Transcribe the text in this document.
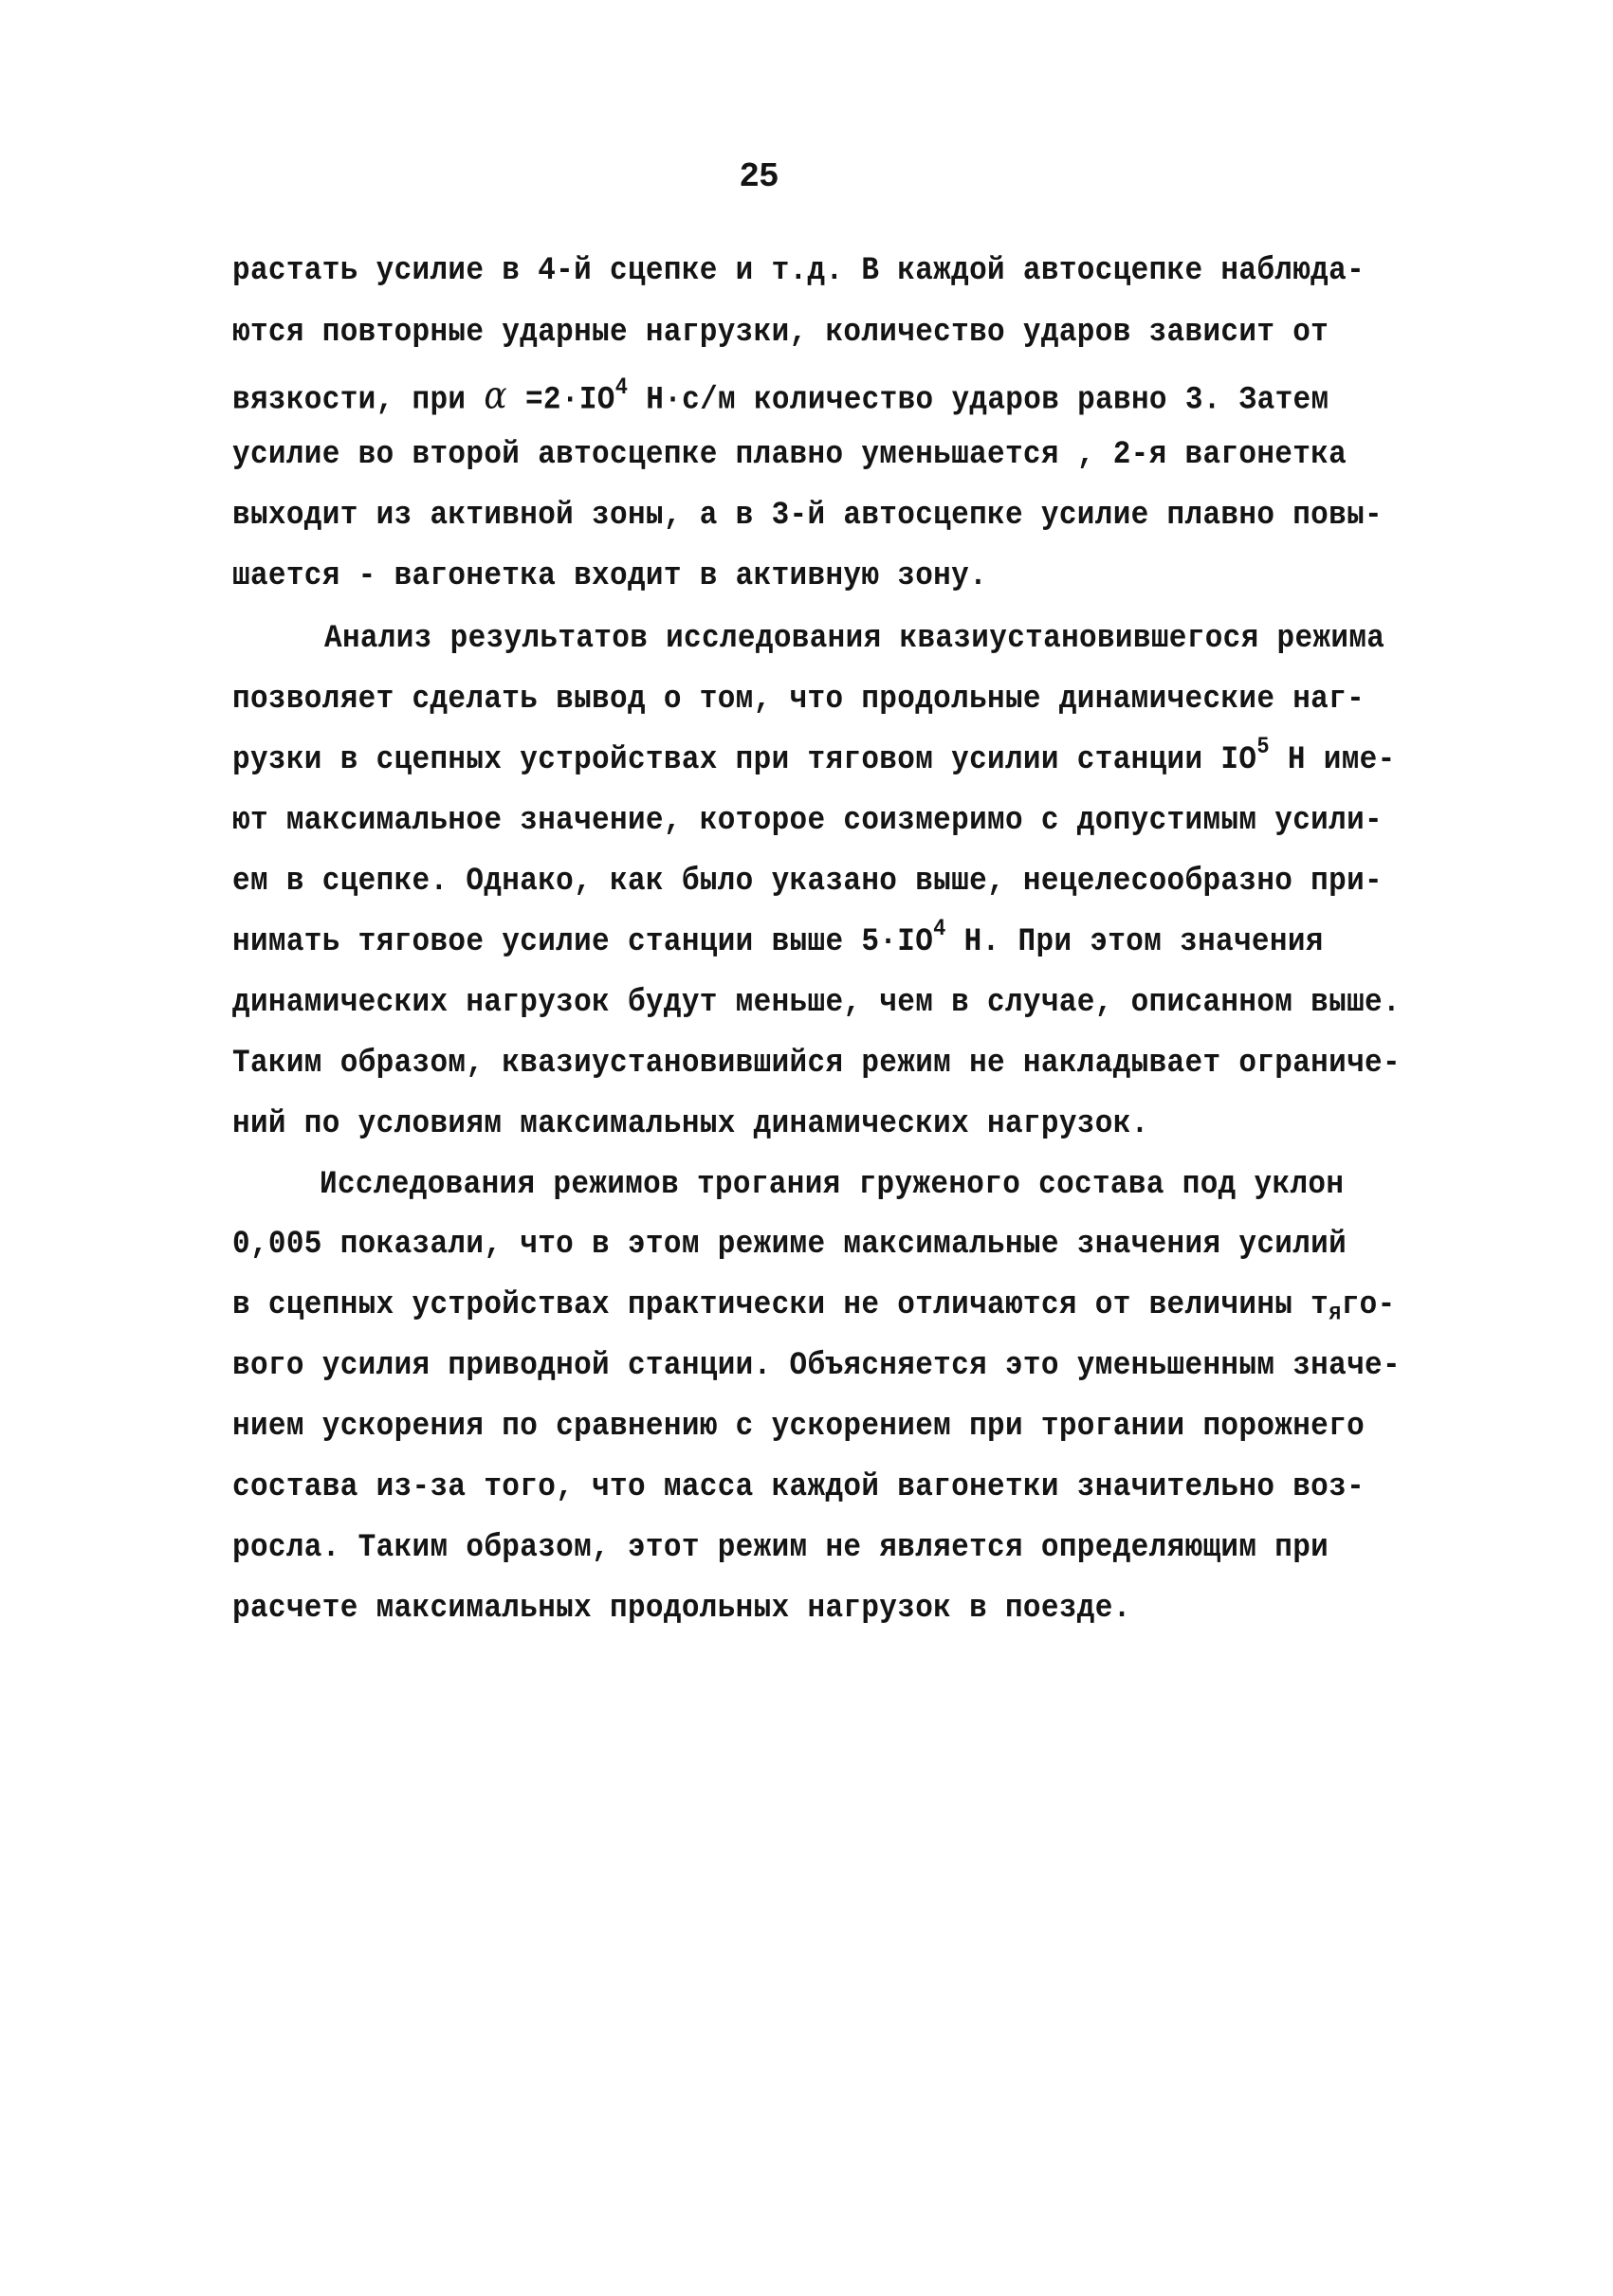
25
растать усилие в 4-й сцепке и т.д. В каждой автосцепке наблюда-
ются повторные ударные нагрузки, количество ударов зависит от
вязкости, при $\alpha =2\cdot IO^4$ Н·с/м количество ударов равно 3. Затем
усилие во второй автосцепке плавно уменьшается , 2-я вагонетка
выходит из активной зоны, а в 3-й автосцепке усилие плавно повы-
шается - вагонетка входит в активную зону.
Анализ результатов исследования квазиустановившегося режима
позволяет сделать вывод о том, что продольные динамические наг-
рузки в сцепных устройствах при тяговом усилии станции $IO^5$ Н име-
ют максимальное значение, которое соизмеримо с допустимым усили-
ем в сцепке. Однако, как было указано выше, нецелесообразно при-
нимать тяговое усилие станции выше $5\cdot IO^4$ Н. При этом значения
динамических нагрузок будут меньше, чем в случае, описанном выше.
Таким образом, квазиустановившийся режим не накладывает ограниче-
ний по условиям максимальных динамических нагрузок.
Исследования режимов трогания груженого состава под уклон
0,005 показали, что в этом режиме максимальные значения усилий
в сцепных устройствах практически не отличаются от величины $т_яго-$
вого усилия приводной станции. Объясняется это уменьшенным значе-
нием ускорения по сравнению с ускорением при трогании порожнего
состава из-за того, что масса каждой вагонетки значительно воз-
росла. Таким образом, этот режим не является определяющим при
расчете максимальных продольных нагрузок в поезде.
